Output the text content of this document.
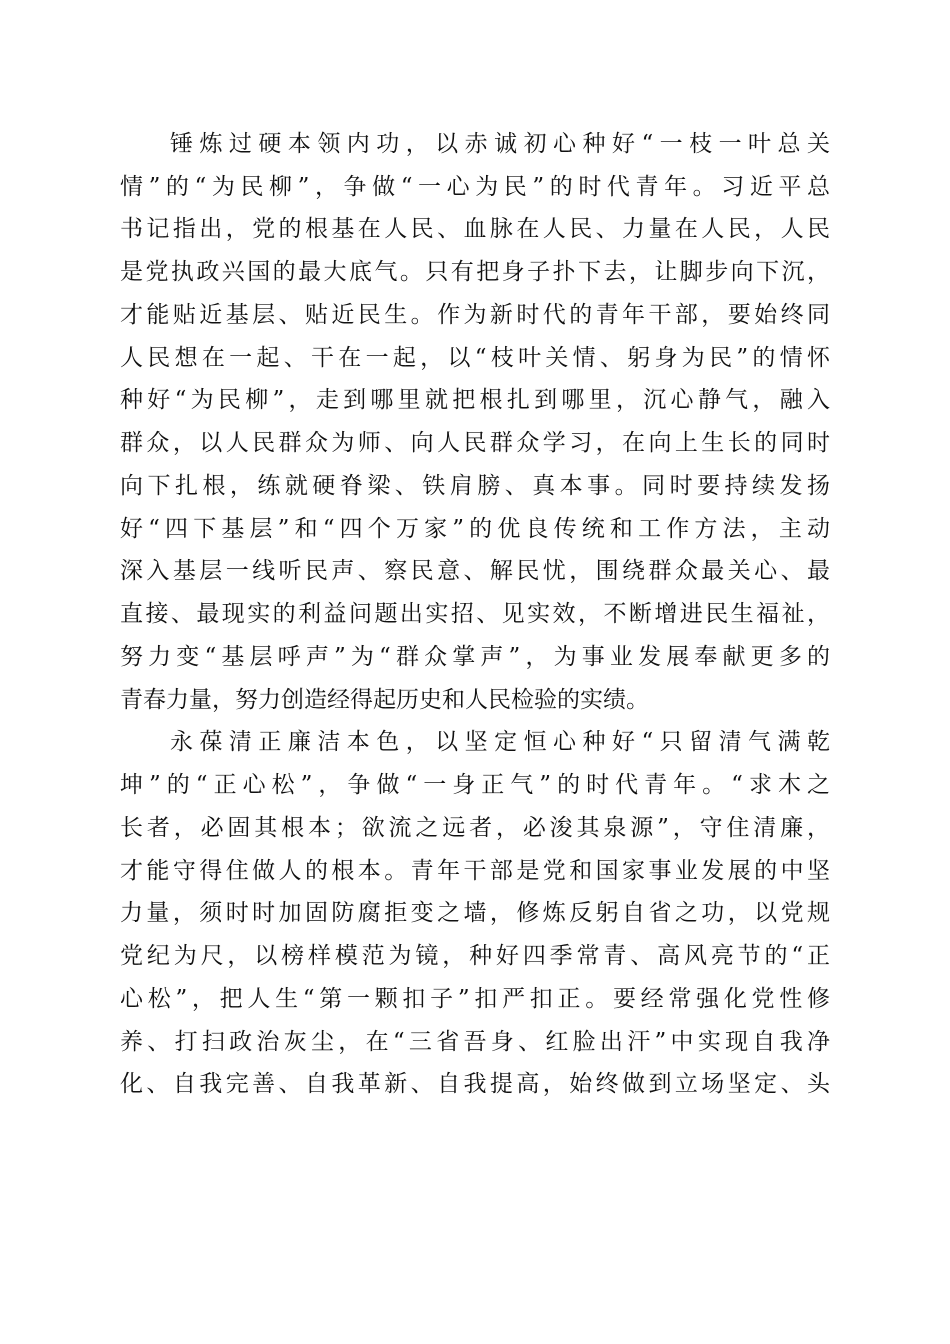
锤炼过硬本领内功，以赤诚初心种好“一枝一叶总关
情”的“为民柳”，争做“一心为民”的时代青年。习近平总
书记指出，党的根基在人民、血脉在人民、力量在人民，人民
是党执政兴国的最大底气。只有把身子扑下去，让脚步向下沉，
才能贴近基层、贴近民生。作为新时代的青年干部，要始终同
人民想在一起、干在一起，以“枝叶关情、躬身为民”的情怀
种好“为民柳”，走到哪里就把根扎到哪里，沉心静气，融入
群众，以人民群众为师、向人民群众学习，在向上生长的同时
向下扎根，练就硬脊梁、铁肩膀、真本事。同时要持续发扬
好“四下基层”和“四个万家”的优良传统和工作方法，主动
深入基层一线听民声、察民意、解民忧，围绕群众最关心、最
直接、最现实的利益问题出实招、见实效，不断增进民生福祉，
努力变“基层呼声”为“群众掌声”，为事业发展奉献更多的
青春力量，努力创造经得起历史和人民检验的实绩。
永葆清正廉洁本色，以坚定恒心种好“只留清气满乾
坤”的“正心松”，争做“一身正气”的时代青年。“求木之
长者，必固其根本；欲流之远者，必浚其泉源”，守住清廉，
才能守得住做人的根本。青年干部是党和国家事业发展的中坚
力量，须时时加固防腐拒变之墙，修炼反躬自省之功，以党规
党纪为尺，以榜样模范为镜，种好四季常青、高风亮节的“正
心松”，把人生“第一颗扣子”扣严扣正。要经常强化党性修
养、打扫政治灰尘，在“三省吾身、红脸出汗”中实现自我净
化、自我完善、自我革新、自我提高，始终做到立场坚定、头
